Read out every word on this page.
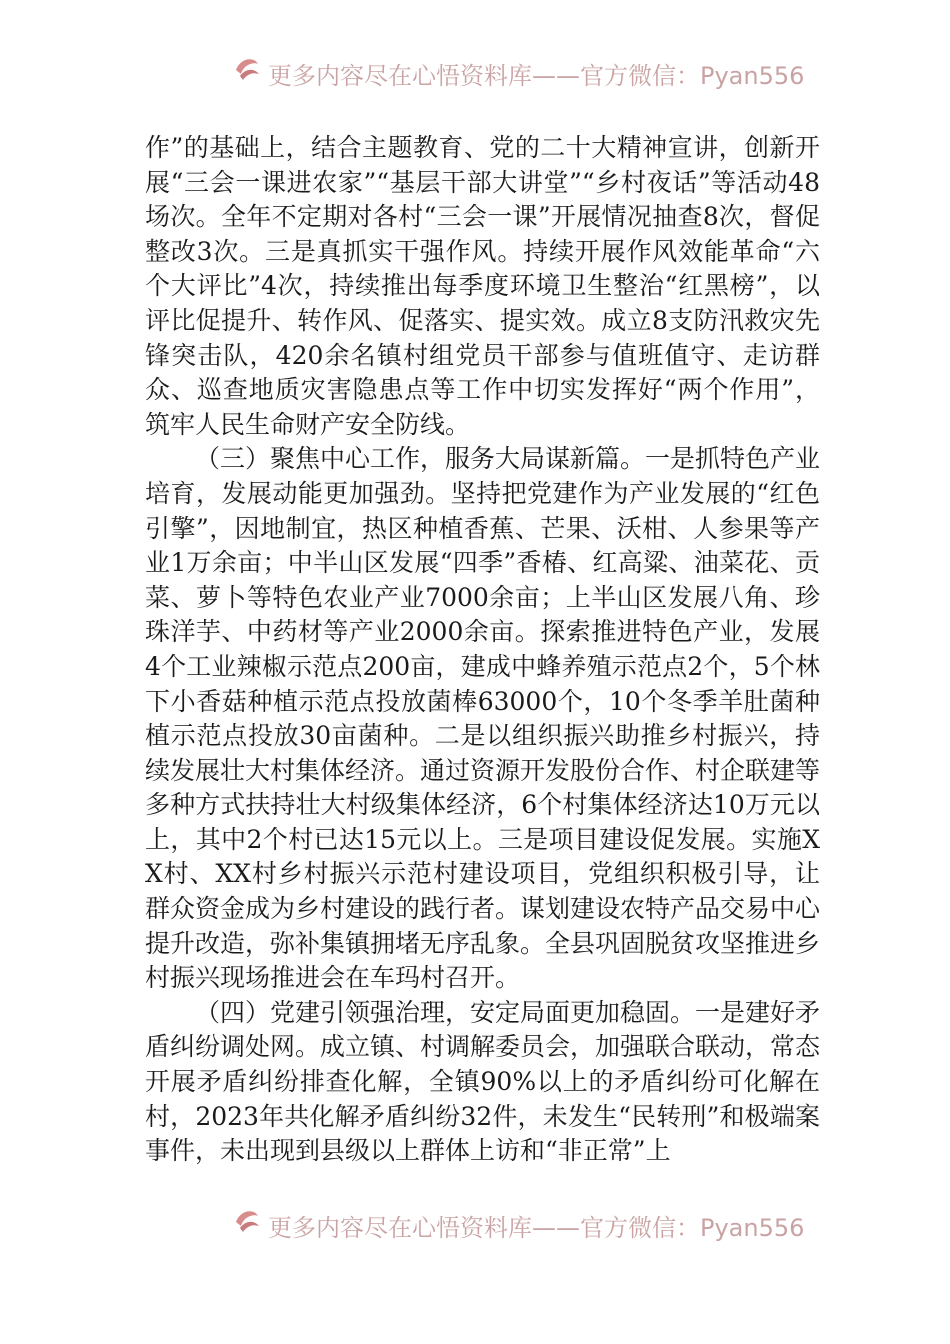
更多内容尽在心悟资料库——官方微信：Pyan556

作”的基础上，结合主题教育、党的二十大精神宣讲，创新开展“三会一课进农家”“基层干部大讲堂”“乡村夜话”等活动48场次。全年不定期对各村“三会一课”开展情况抽查8次，督促整改3次。三是真抓实干强作风。持续开展作风效能革命“六个大评比”4次，持续推出每季度环境卫生整治“红黑榜”，以评比促提升、转作风、促落实、提实效。成立8支防汛救灾先锋突击队，420余名镇村组党员干部参与值班值守、走访群众、巡查地质灾害隐患点等工作中切实发挥好“两个作用”，筑牢人民生命财产安全防线。

（三）聚焦中心工作，服务大局谋新篇。一是抓特色产业培育，发展动能更加强劲。坚持把党建作为产业发展的“红色引擎”，因地制宜，热区种植香蕉、芒果、沃柑、人参果等产业1万余亩；中半山区发展“四季”香椿、红高粱、油菜花、贡菜、萝卜等特色农业产业7000余亩；上半山区发展八角、珍珠洋芋、中药材等产业2000余亩。探索推进特色产业，发展4个工业辣椒示范点200亩，建成中蜂养殖示范点2个，5个林下小香菇种植示范点投放菌棒63000个，10个冬季羊肚菌种植示范点投放30亩菌种。二是以组织振兴助推乡村振兴，持续发展壮大村集体经济。通过资源开发股份合作、村企联建等多种方式扶持壮大村级集体经济，6个村集体经济达10万元以上，其中2个村已达15元以上。三是项目建设促发展。实施XX村、XX村乡村振兴示范村建设项目，党组织积极引导，让群众资金成为乡村建设的践行者。谋划建设农特产品交易中心提升改造，弥补集镇拥堵无序乱象。全县巩固脱贫攻坚推进乡村振兴现场推进会在车玛村召开。

（四）党建引领强治理，安定局面更加稳固。一是建好矛盾纠纷调处网。成立镇、村调解委员会，加强联合联动，常态开展矛盾纠纷排查化解，全镇90%以上的矛盾纠纷可化解在村，2023年共化解矛盾纠纷32件，未发生“民转刑”和极端案事件，未出现到县级以上群体上访和“非正常”上

更多内容尽在心悟资料库——官方微信：Pyan556
